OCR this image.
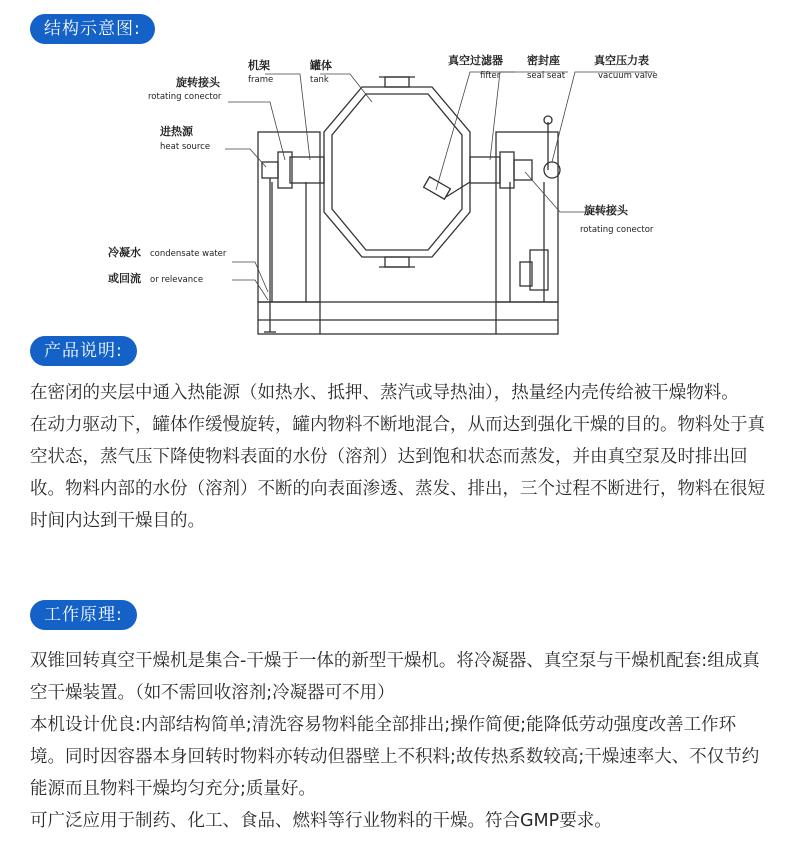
结构示意图:
旋转接头
rotating conector
机架
frame
罐体
tank
真空过滤器
fifter
密封座
seal seat
真空压力表
vacuum valve
进热源
heat source
旋转接头
rotating conector
冷凝水 condensate water
或回流 or relevance
产品说明:

在密闭的夹层中通入热能源（如热水、抵押、蒸汽或导热油），热量经内壳传给被干燥物料。

在动力驱动下，罐体作缓慢旋转，罐内物料不断地混合，从而达到强化干燥的目的。物料处于真空状态，蒸气压下降使物料表面的水份（溶剂）达到饱和状态而蒸发，并由真空泵及时排出回收。物料内部的水份（溶剂）不断的向表面渗透、蒸发、排出，三个过程不断进行，物料在很短时间内达到干燥目的。

工作原理:

双锥回转真空干燥机是集合-干燥于一体的新型干燥机。将冷凝器、真空泵与干燥机配套:组成真空干燥装置。（如不需回收溶剂;冷凝器可不用）

本机设计优良:内部结构简单;清洗容易物料能全部排出;操作简便;能降低劳动强度改善工作环境。同时因容器本身回转时物料亦转动但器壁上不积料;故传热系数较高;干燥速率大、不仅节约能源而且物料干燥均匀充分;质量好。

可广泛应用于制药、化工、食品、燃料等行业物料的干燥。符合GMP要求。
